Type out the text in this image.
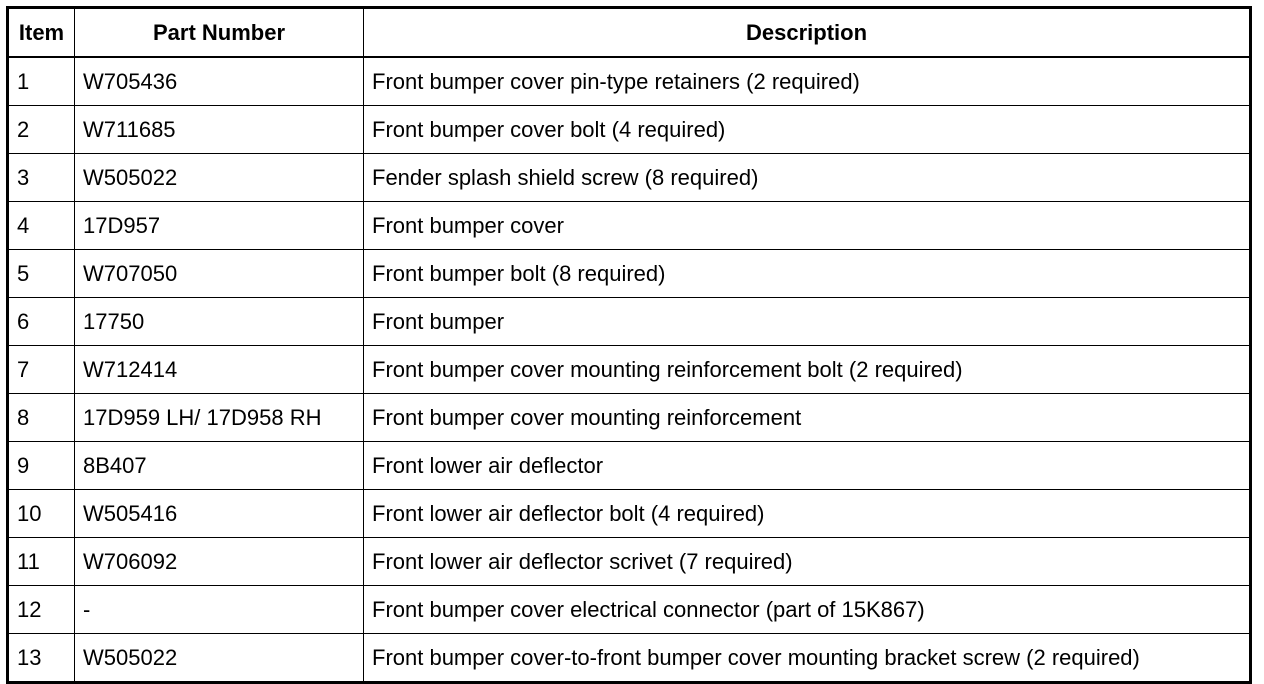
Item	Part Number	Description
1	W705436	Front bumper cover pin-type retainers (2 required)
2	W711685	Front bumper cover bolt (4 required)
3	W505022	Fender splash shield screw (8 required)
4	17D957	Front bumper cover
5	W707050	Front bumper bolt (8 required)
6	17750	Front bumper
7	W712414	Front bumper cover mounting reinforcement bolt (2 required)
8	17D959 LH/ 17D958 RH	Front bumper cover mounting reinforcement
9	8B407	Front lower air deflector
10	W505416	Front lower air deflector bolt (4 required)
11	W706092	Front lower air deflector scrivet (7 required)
12	-	Front bumper cover electrical connector (part of 15K867)
13	W505022	Front bumper cover-to-front bumper cover mounting bracket screw (2 required)
